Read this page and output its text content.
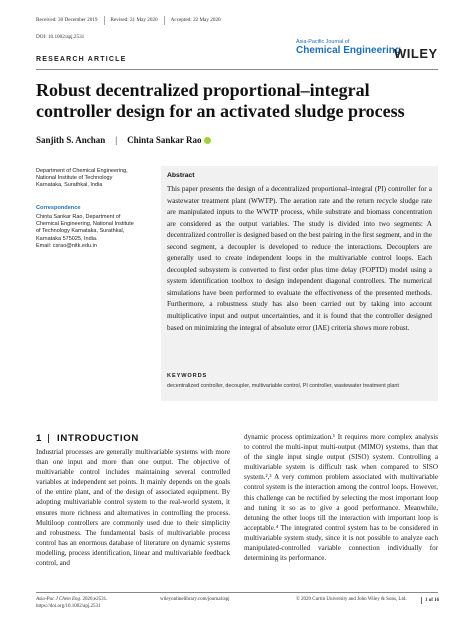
Received: 30 December 2019	Revised: 21 May 2020	Accepted: 22 May 2020
DOI: 10.1002/apj.2531
RESEARCH ARTICLE
Asia-Pacific Journal of
Chemical Engineering
WILEY
Robust decentralized proportional–integral controller design for an activated sludge process
Sanjith S. Anchan | Chinta Sankar Rao

Department of Chemical Engineering,

National Institute of Technology

Karnataka, Surathkal, India

Correspondence

Chinta Sankar Rao, Department of

Chemical Engineering, National Institute

of Technology Karnataka, Surathkal,

Karnataka 575025, India.

Email: csrao@nitk.edu.in

Abstract

This paper presents the design of a decentralized proportional–integral (PI) controller for a wastewater treatment plant (WWTP). The aeration rate and the return recycle sludge rate are manipulated inputs to the WWTP process, while substrate and biomass concentration are considered as the output variables. The study is divided into two segments: A decentralized controller is designed based on the best pairing in the first segment, and in the second segment, a decoupler is developed to reduce the interactions. Decouplers are generally used to create independent loops in the multivariable control loops. Each decoupled subsystem is converted to first order plus time delay (FOPTD) model using a system identification toolbox to design independent diagonal controllers. The numerical simulations have been performed to evaluate the effectiveness of the presented methods. Furthermore, a robustness study has also been carried out by taking into account multiplicative input and output uncertainties, and it is found that the controller designed based on minimizing the integral of absolute error (IAE) criteria shows more robust.

KEYWORDS

decentralized controller, decoupler, multivariable control, PI controller, wastewater treatment plant

1 INTRODUCTION

Industrial processes are generally multivariable systems with more than one input and more than one output. The objective of multivariable control includes maintaining several controlled variables at independent set points. It mainly depends on the goals of the entire plant, and of the design of associated equipment. By adopting multivariable control system to the real-world system, it ensures more richness and alternatives in controlling the process. Multiloop controllers are commonly used due to their simplicity and robustness. The fundamental basis of multivariable process control has an enormous database of literature on dynamic systems modelling, process identification, linear and multivariable feedback control, and

dynamic process optimization.¹ It requires more complex analysis to control the multi-input multi-output (MIMO) systems, than that of the single input single output (SISO) system. Controlling a multivariable system is difficult task when compared to SISO system.²,³ A very common problem associated with multivariable control system is the interaction among the control loops. However, this challenge can be rectified by selecting the most important loop and tuning it so as to give a good performance. Meanwhile, detuning the other loops till the interaction with important loop is acceptable.⁴ The integrated control system has to be considered in multivariable system study, since it is not possible to analyze each manipulated-controlled variable connection individually for determining its performance.

Asia-Pac J Chem Eng. 2020;e2531.
https://doi.org/10.1002/apj.2531
wileyonlinelibrary.com/journal/apj	© 2020 Curtin University and John Wiley & Sons, Ltd.	1 of 16
